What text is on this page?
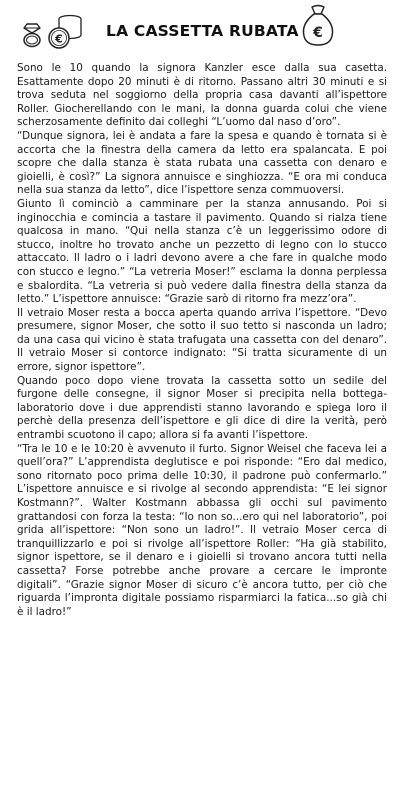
€	LA CASSETTA RUBATA €

Sono le 10 quando la signora Kanzler esce dalla sua casetta. Esattamente dopo 20 minuti è di ritorno. Passano altri 30 minuti e si trova seduta nel soggiorno della propria casa davanti all’ispettore Roller. Giocherellando con le mani, la donna guarda colui che viene scherzosamente definito dai colleghi “L’uomo dal naso d’oro”.

“Dunque signora, lei è andata a fare la spesa e quando è tornata si è accorta che la finestra della camera da letto era spalancata. E poi scopre che dalla stanza è stata rubata una cassetta con denaro e gioielli, è così?” La signora annuisce e singhiozza. “E ora mi conduca nella sua stanza da letto”, dice l’ispettore senza commuoversi.

Giunto lì cominciò a camminare per la stanza annusando. Poi si inginocchia e comincia a tastare il pavimento. Quando si rialza tiene qualcosa in mano. “Qui nella stanza c’è un leggerissimo odore di stucco, inoltre ho trovato anche un pezzetto di legno con lo stucco attaccato. Il ladro o i ladri devono avere a che fare in qualche modo con stucco e legno.” “La vetreria Moser!” esclama la donna perplessa e sbalordita. “La vetreria si può vedere dalla finestra della stanza da letto.” L’ispettore annuisce: “Grazie sarò di ritorno fra mezz’ora”.

Il vetraio Moser resta a bocca aperta quando arriva l’ispettore. “Devo presumere, signor Moser, che sotto il suo tetto si nasconda un ladro; da una casa qui vicino è stata trafugata una cassetta con del denaro”. Il vetraio Moser si contorce indignato: “Si tratta sicuramente di un errore, signor ispettore”.

Quando poco dopo viene trovata la cassetta sotto un sedile del furgone delle consegne, il signor Moser si precipita nella bottega-laboratorio dove i due apprendisti stanno lavorando e spiega loro il perchè della presenza dell’ispettore e gli dice di dire la verità, però entrambi scuotono il capo; allora si fa avanti l’ispettore.

“Tra le 10 e le 10:20 è avvenuto il furto. Signor Weisel che faceva lei a quell’ora?” L’apprendista deglutisce e poi risponde: “Ero dal medico, sono ritornato poco prima delle 10:30, il padrone può confermarlo.” L’ispettore annuisce e si rivolge al secondo apprendista: “E lei signor Kostmann?”. Walter Kostmann abbassa gli occhi sul pavimento grattandosi con forza la testa: “Io non so...ero qui nel laboratorio”, poi grida all’ispettore: “Non sono un ladro!”. Il vetraio Moser cerca di tranquillizzarlo e poi si rivolge all’ispettore Roller: “Ha già stabilito, signor ispettore, se il denaro e i gioielli si trovano ancora tutti nella cassetta? Forse potrebbe anche provare a cercare le impronte digitali”. “Grazie signor Moser di sicuro c’è ancora tutto, per ciò che riguarda l’impronta digitale possiamo risparmiarci la fatica...so già chi è il ladro!”
